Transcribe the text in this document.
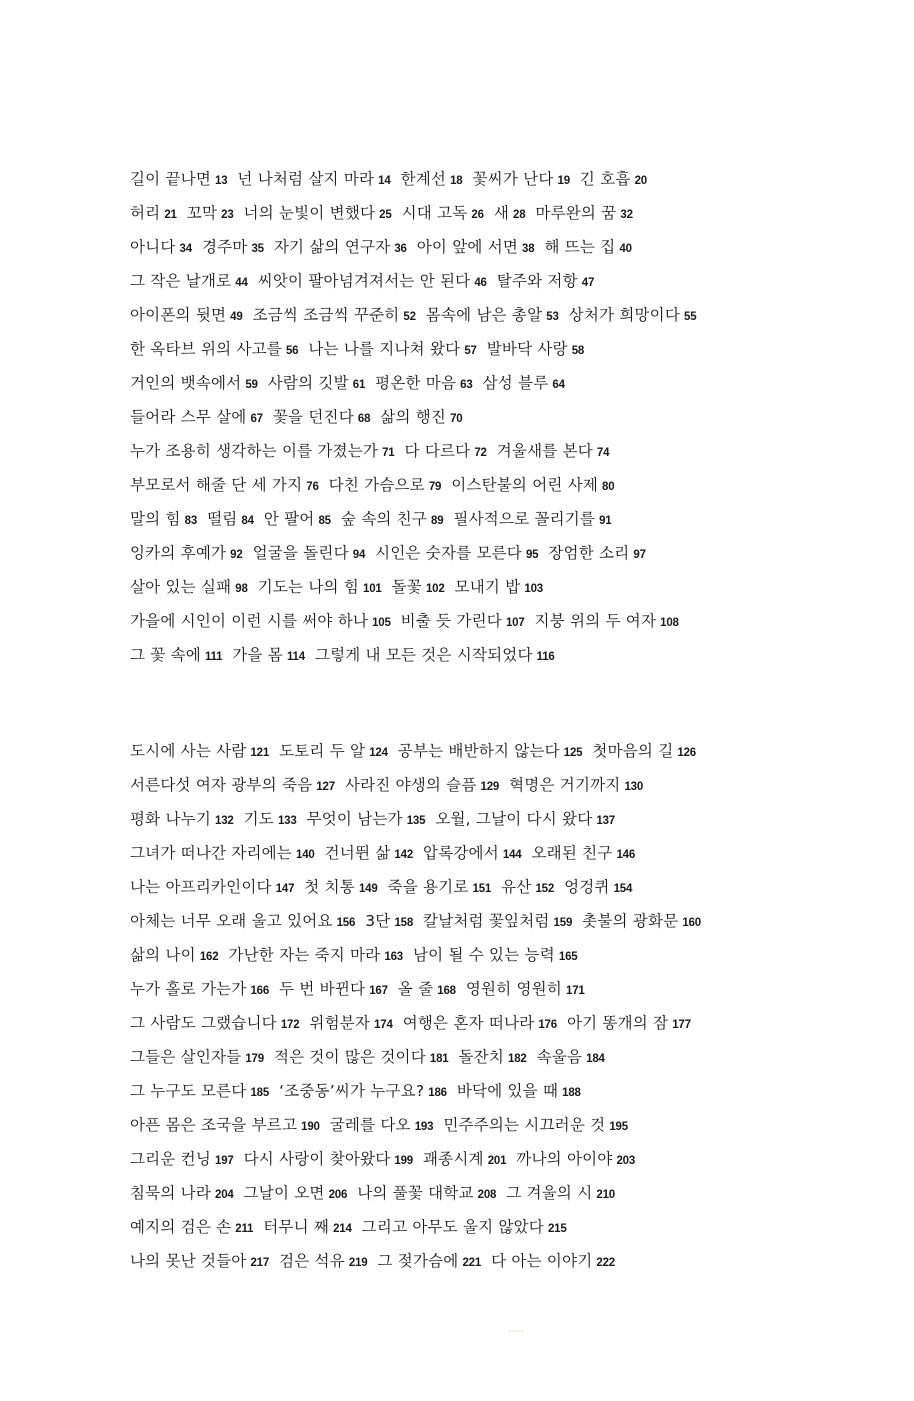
길이 끝나면 13 넌 나처럼 살지 마라 14 한계선 18 꽃씨가 난다 19 긴 호흡 20
허리 21 꼬막 23 너의 눈빛이 변했다 25 시대 고독 26 새 28 마루완의 꿈 32
아니다 34 경주마 35 자기 삶의 연구자 36 아이 앞에 서면 38 해 뜨는 집 40
그 작은 날개로 44 씨앗이 팔아넘겨져서는 안 된다 46 탈주와 저항 47
아이폰의 뒷면 49 조금씩 조금씩 꾸준히 52 몸속에 남은 총알 53 상처가 희망이다 55
한 옥타브 위의 사고를 56 나는 나를 지나쳐 왔다 57 발바닥 사랑 58
거인의 뱃속에서 59 사람의 깃발 61 평온한 마음 63 삼성 블루 64
들어라 스무 살에 67 꽃을 던진다 68 삶의 행진 70
누가 조용히 생각하는 이를 가졌는가 71 다 다르다 72 겨울새를 본다 74
부모로서 해줄 단 세 가지 76 다친 가슴으로 79 이스탄불의 어린 사제 80
말의 힘 83 떨림 84 안 팔어 85 숲 속의 친구 89 필사적으로 꼴리기를 91
잉카의 후예가 92 얼굴을 돌린다 94 시인은 숫자를 모른다 95 장엄한 소리 97
살아 있는 실패 98 기도는 나의 힘 101 돌꽃 102 모내기 밥 103
가을에 시인이 이런 시를 써야 하나 105 비출 듯 가린다 107 지붕 위의 두 여자 108
그 꽃 속에 111 가을 몸 114 그렇게 내 모든 것은 시작되었다 116
도시에 사는 사람 121 도토리 두 알 124 공부는 배반하지 않는다 125 첫마음의 길 126
서른다섯 여자 광부의 죽음 127 사라진 야생의 슬픔 129 혁명은 거기까지 130
평화 나누기 132 기도 133 무엇이 남는가 135 오월, 그날이 다시 왔다 137
그녀가 떠나간 자리에는 140 건너뛴 삶 142 압록강에서 144 오래된 친구 146
나는 아프리카인이다 147 첫 치통 149 죽을 용기로 151 유산 152 엉겅퀴 154
아체는 너무 오래 울고 있어요 156 3단 158 칼날처럼 꽃잎처럼 159 촛불의 광화문 160
삶의 나이 162 가난한 자는 죽지 마라 163 남이 될 수 있는 능력 165
누가 홀로 가는가 166 두 번 바뀐다 167 올 줄 168 영원히 영원히 171
그 사람도 그랬습니다 172 위험분자 174 여행은 혼자 떠나라 176 아기 똥개의 잠 177
그들은 살인자들 179 적은 것이 많은 것이다 181 돌잔치 182 속울음 184
그 누구도 모른다 185 ‘조중동’씨가 누구요? 186 바닥에 있을 때 188
아픈 몸은 조국을 부르고 190 굴레를 다오 193 민주주의는 시끄러운 것 195
그리운 컨닝 197 다시 사랑이 찾아왔다 199 괘종시계 201 까나의 아이야 203
침묵의 나라 204 그날이 오면 206 나의 풀꽃 대학교 208 그 겨울의 시 210
예지의 검은 손 211 터무니 째 214 그리고 아무도 울지 않았다 215
나의 못난 것들아 217 검은 석유 219 그 젖가슴에 221 다 아는 이야기 222
